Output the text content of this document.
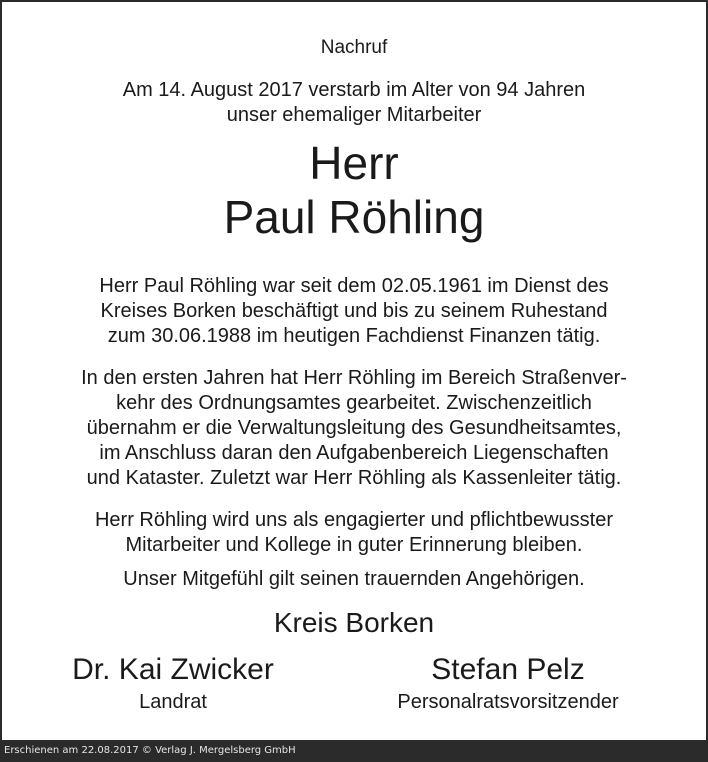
Nachruf
Am 14. August 2017 verstarb im Alter von 94 Jahren
unser ehemaliger Mitarbeiter
Herr
Paul Röhling
Herr Paul Röhling war seit dem 02.05.1961 im Dienst des
Kreises Borken beschäftigt und bis zu seinem Ruhestand
zum 30.06.1988 im heutigen Fachdienst Finanzen tätig.
In den ersten Jahren hat Herr Röhling im Bereich Straßenver-
kehr des Ordnungsamtes gearbeitet. Zwischenzeitlich
übernahm er die Verwaltungsleitung des Gesundheitsamtes,
im Anschluss daran den Aufgabenbereich Liegenschaften
und Kataster. Zuletzt war Herr Röhling als Kassenleiter tätig.
Herr Röhling wird uns als engagierter und pflichtbewusster
Mitarbeiter und Kollege in guter Erinnerung bleiben.
Unser Mitgefühl gilt seinen trauernden Angehörigen.
Kreis Borken
Dr. Kai Zwicker
Landrat
Stefan Pelz
Personalratsvorsitzender
Erschienen am 22.08.2017 © Verlag J. Mergelsberg GmbH
